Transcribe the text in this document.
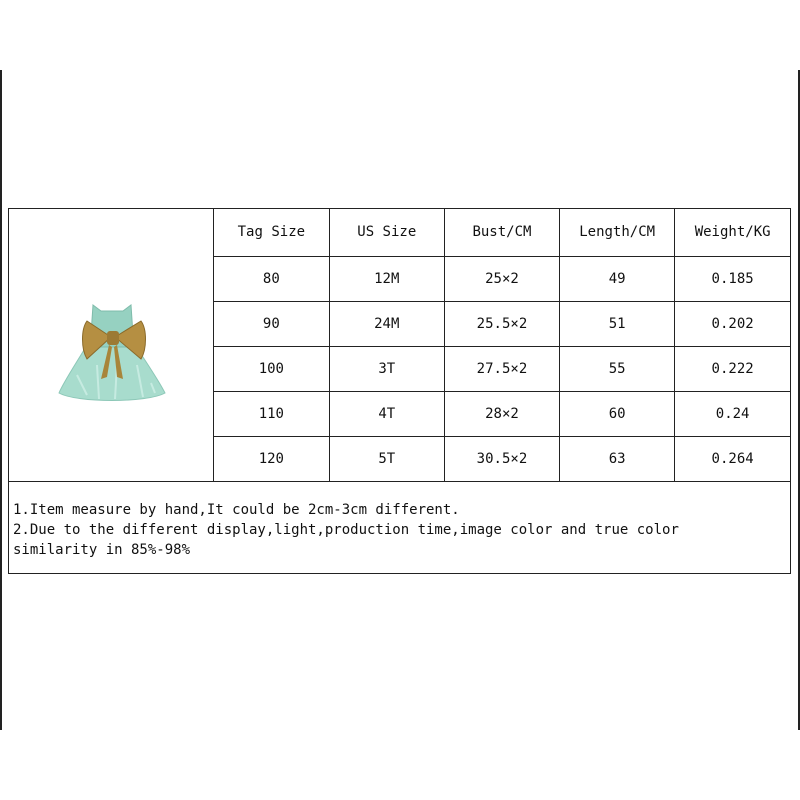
Tag Size	US Size	Bust/CM	Length/CM	Weight/KG
80	12M	25×2	49	0.185
90	24M	25.5×2	51	0.202
100	3T	27.5×2	55	0.222
110	4T	28×2	60	0.24
120	5T	30.5×2	63	0.264
1.Item measure by hand,It could be 2cm-3cm different.
2.Due to the different display,light,production time,image color and true color
similarity in 85%-98%
